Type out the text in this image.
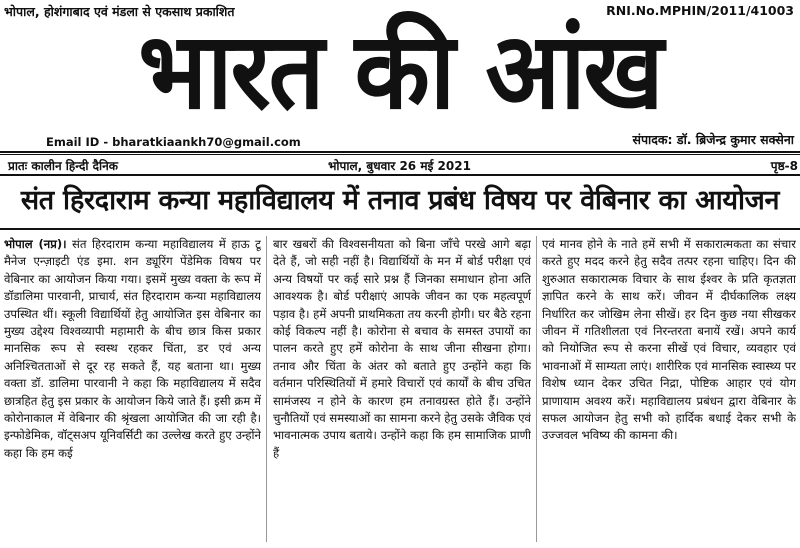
भोपाल, होशंगाबाद एवं मंडला से एकसाथ प्रकाशित	RNI.No.MPHIN/2011/41003
भारत की आंख
Email ID - bharatkiaankh70@gmail.com	संपादक: डॉ. ब्रिजेन्द्र कुमार सक्सेना
प्रातः कालीन हिन्दी दैनिक	भोपाल, बुधवार 26 मई 2021	पृष्ठ-8
संत हिरदाराम कन्या महाविद्यालय में तनाव प्रबंध विषय पर वेबिनार का आयोजन
भोपाल (नप्र)। संत हिरदाराम कन्या महाविद्यालय में हाऊ टू मैनेज एन्ज़ाइटी एंड इमा. शन ड्यूरिंग पेंडेमिक विषय पर वेबिनार का आयोजन किया गया। इसमें मुख्य वक्ता के रूप में डॉडालिमा पारवानी, प्राचार्य, संत हिरदाराम कन्या महाविद्यालय उपस्थित थीं। स्कूली विद्यार्थियों हेतु आयोजित इस वेबिनार का मुख्य उद्देश्य विश्वव्यापी महामारी के बीच छात्र किस प्रकार मानसिक रूप से स्वस्थ रहकर चिंता, डर एवं अन्य अनिश्चितताओं से दूर रह सकते हैं, यह बताना था। मुख्य वक्ता डॉ. डालिमा पारवानी ने कहा कि महाविद्यालय में सदैव छात्रहित हेतु इस प्रकार के आयोजन किये जाते हैं। इसी क्रम में कोरोनाकाल में वेबिनार की श्रृंखला आयोजित की जा रही है। इन्फोडेमिक, वॉट्सअप यूनिवर्सिटी का उल्लेख करते हुए उन्होंने कहा कि हम कई
बार खबरों की विश्वसनीयता को बिना जाँचे परखे आगे बढ़ा देते हैं, जो सही नहीं है। विद्यार्थियों के मन में बोर्ड परीक्षा एवं अन्य विषयों पर कई सारे प्रश्न हैं जिनका समाधान होना अति आवश्यक है। बोर्ड परीक्षाएं आपके जीवन का एक महत्वपूर्ण पड़ाव है। हमें अपनी प्राथमिकता तय करनी होगी। घर बैठे रहना कोई विकल्प नहीं है। कोरोना से बचाव के समस्त उपायों का पालन करते हुए हमें कोरोना के साथ जीना सीखना होगा। तनाव और चिंता के अंतर को बताते हुए उन्होंने कहा कि वर्तमान परिस्थितियों में हमारे विचारों एवं कार्यों के बीच उचित सामंजस्य न होने के कारण हम तनावग्रस्त होते हैं। उन्होंने चुनौतियों एवं समस्याओं का सामना करने हेतु उसके जैविक एवं भावनात्मक उपाय बताये। उन्होंने कहा कि हम सामाजिक प्राणी हैं
एवं मानव होने के नाते हमें सभी में सकारात्मकता का संचार करते हुए मदद करने हेतु सदैव तत्पर रहना चाहिए। दिन की शुरुआत सकारात्मक विचार के साथ ईश्वर के प्रति कृतज्ञता ज्ञापित करने के साथ करें। जीवन में दीर्घकालिक लक्ष्य निर्धारित कर जोखिम लेना सीखें। हर दिन कुछ नया सीखकर जीवन में गतिशीलता एवं निरन्तरता बनायें रखें। अपने कार्य को नियोजित रूप से करना सीखें एवं विचार, व्यवहार एवं भावनाओं में साम्यता लाएं। शारीरिक एवं मानसिक स्वास्थ्य पर विशेष ध्यान देकर उचित निद्रा, पोष्टिक आहार एवं योग प्राणायाम अवश्य करें। महाविद्यालय प्रबंधन द्वारा वेबिनार के सफल आयोजन हेतु सभी को हार्दिक बधाई देकर सभी के उज्जवल भविष्य की कामना की।
